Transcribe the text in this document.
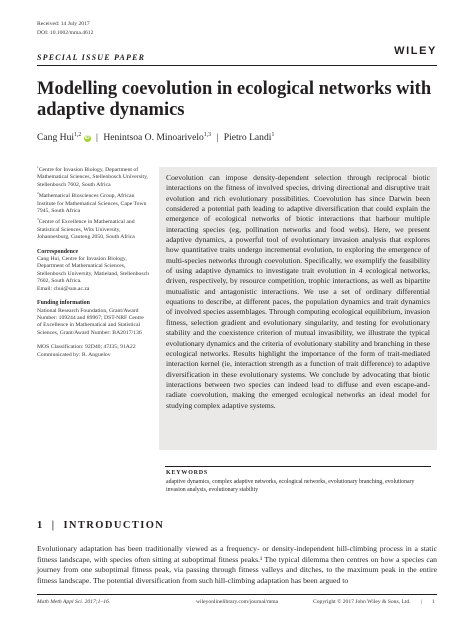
Received: 14 July 2017
DOI: 10.1002/mma.4612
SPECIAL ISSUE PAPER
WILEY
Modelling coevolution in ecological networks with adaptive dynamics
Cang Hui$^{1,2}$ iD | Henintsoa O. Minoarivelo$^{1,3}$ | Pietro Landi$^1$

$^1$Centre for Invasion Biology, Department of Mathematical Sciences, Stellenbosch University, Stellenbosch 7602, South Africa

$^2$Mathematical Biosciences Group, African Institute for Mathematical Sciences, Cape Town 7945, South Africa

$^3$Centre of Excellence in Mathematical and Statistical Sciences, Wits University, Johannesburg, Gauteng 2050, South Africa

Correspondence
Cang Hui, Centre for Invasion Biology, Department of Mathematical Sciences, Stellenbosch University, Matieland, Stellenbosch 7602, South Africa.

Email: chui@sun.ac.za

Funding information

National Research Foundation, Grant/Award Number: 109244 and 89967; DST-NRF Centre of Excellence in Mathematical and Statistical Sciences, Grant/Award Number: BA2017/136

MOS Classification: 92D40; 47J35; 91A22
Communicated by: R. Anguelov

Coevolution can impose density-dependent selection through reciprocal biotic interactions on the fitness of involved species, driving directional and disruptive trait evolution and rich evolutionary possibilities. Coevolution has since Darwin been considered a potential path leading to adaptive diversification that could explain the emergence of ecological networks of biotic interactions that harbour multiple interacting species (eg, pollination networks and food webs). Here, we present adaptive dynamics, a powerful tool of evolutionary invasion analysis that explores how quantitative traits undergo incremental evolution, to exploring the emergence of multi-species networks through coevolution. Specifically, we exemplify the feasibility of using adaptive dynamics to investigate trait evolution in 4 ecological networks, driven, respectively, by resource competition, trophic interactions, as well as bipartite mutualistic and antagonistic interactions. We use a set of ordinary differential equations to describe, at different paces, the population dynamics and trait dynamics of involved species assemblages. Through computing ecological equilibrium, invasion fitness, selection gradient and evolutionary singularity, and testing for evolutionary stability and the coexistence criterion of mutual invasibility, we illustrate the typical evolutionary dynamics and the criteria of evolutionary stability and branching in these ecological networks. Results highlight the importance of the form of trait-mediated interaction kernel (ie, interaction strength as a function of trait difference) to adaptive diversification in these evolutionary systems. We conclude by advocating that biotic interactions between two species can indeed lead to diffuse and even escape-and-radiate coevolution, making the emerged ecological networks an ideal model for studying complex adaptive systems.

KEYWORDS
adaptive dynamics, complex adaptive networks, ecological networks, evolutionary branching, evolutionary invasion analysis, evolutionary stability
1 | INTRODUCTION

Evolutionary adaptation has been traditionally viewed as a frequency- or density-independent hill-climbing process in a static fitness landscape, with species often sitting at suboptimal fitness peaks.¹ The typical dilemma then centres on how a species can journey from one suboptimal fitness peak, via passing through fitness valleys and ditches, to the maximum peak in the entire fitness landscape. The potential diversification from such hill-climbing adaptation has been argued to

Math Meth Appl Sci. 2017;1–16.	wileyonlinelibrary.com/journal/mma	Copyright © 2017 John Wiley & Sons, Ltd. | 1
